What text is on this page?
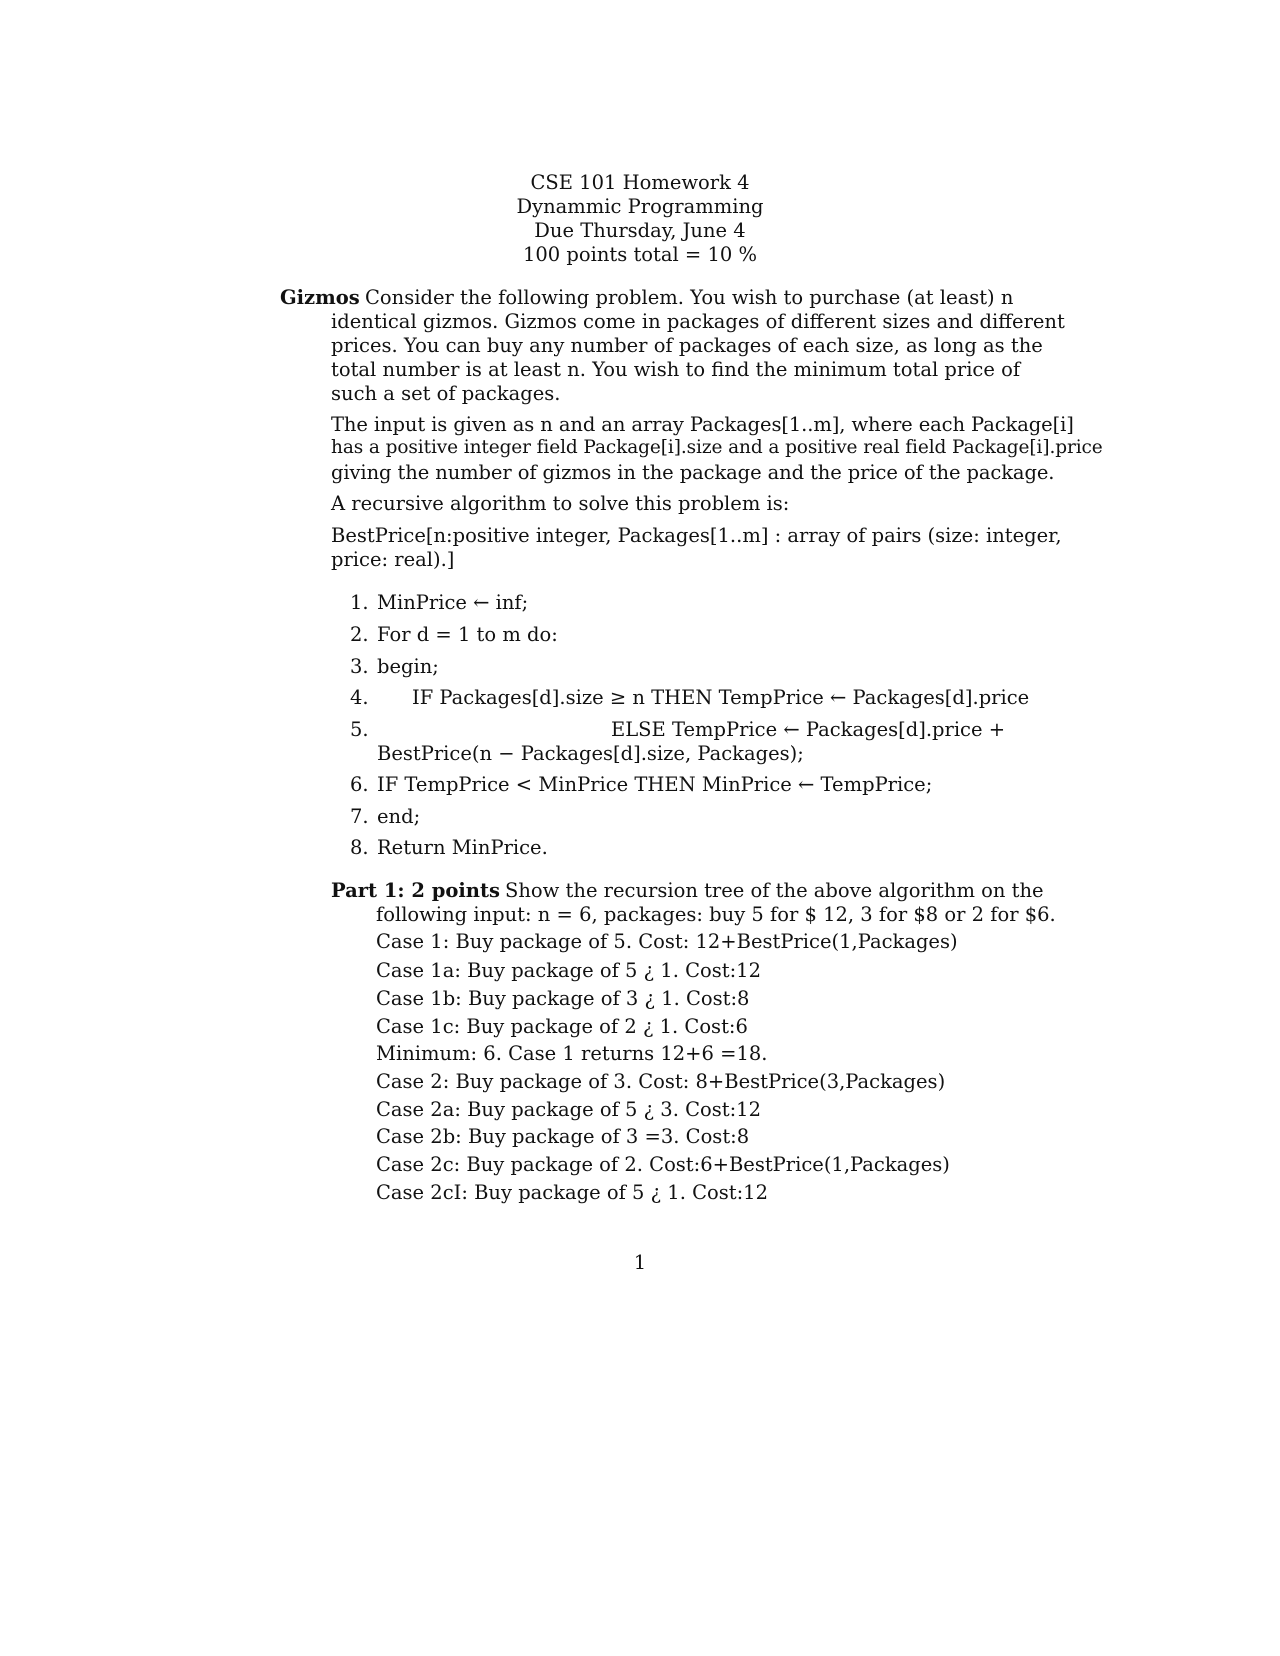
CSE 101 Homework 4
Dynammic Programming
Due Thursday, June 4
100 points total = 10 %
Gizmos Consider the following problem. You wish to purchase (at least) n
identical gizmos. Gizmos come in packages of different sizes and different
prices. You can buy any number of packages of each size, as long as the
total number is at least n. You wish to find the minimum total price of
such a set of packages.
The input is given as n and an array Packages[1..m], where each Package[i]
has a positive integer field Package[i].size and a positive real field Package[i].price
giving the number of gizmos in the package and the price of the package.
A recursive algorithm to solve this problem is:
BestPrice[n:positive integer, Packages[1..m] : array of pairs (size: integer,
price: real).]
1. MinPrice ← inf;
2. For d = 1 to m do:
3. begin;
4. IF Packages[d].size ≥ n THEN TempPrice ← Packages[d].price
5.	ELSE TempPrice ← Packages[d].price +
BestPrice(n − Packages[d].size, Packages);
6. IF TempPrice < MinPrice THEN MinPrice ← TempPrice;
7. end;
8. Return MinPrice.
Part 1: 2 points Show the recursion tree of the above algorithm on the
following input: n = 6, packages: buy 5 for $ 12, 3 for $8 or 2 for $6.
Case 1: Buy package of 5. Cost: 12+BestPrice(1,Packages)
Case 1a: Buy package of 5 ¿ 1. Cost:12
Case 1b: Buy package of 3 ¿ 1. Cost:8
Case 1c: Buy package of 2 ¿ 1. Cost:6
Minimum: 6. Case 1 returns 12+6 =18.
Case 2: Buy package of 3. Cost: 8+BestPrice(3,Packages)
Case 2a: Buy package of 5 ¿ 3. Cost:12
Case 2b: Buy package of 3 =3. Cost:8
Case 2c: Buy package of 2. Cost:6+BestPrice(1,Packages)
Case 2cI: Buy package of 5 ¿ 1. Cost:12
1
